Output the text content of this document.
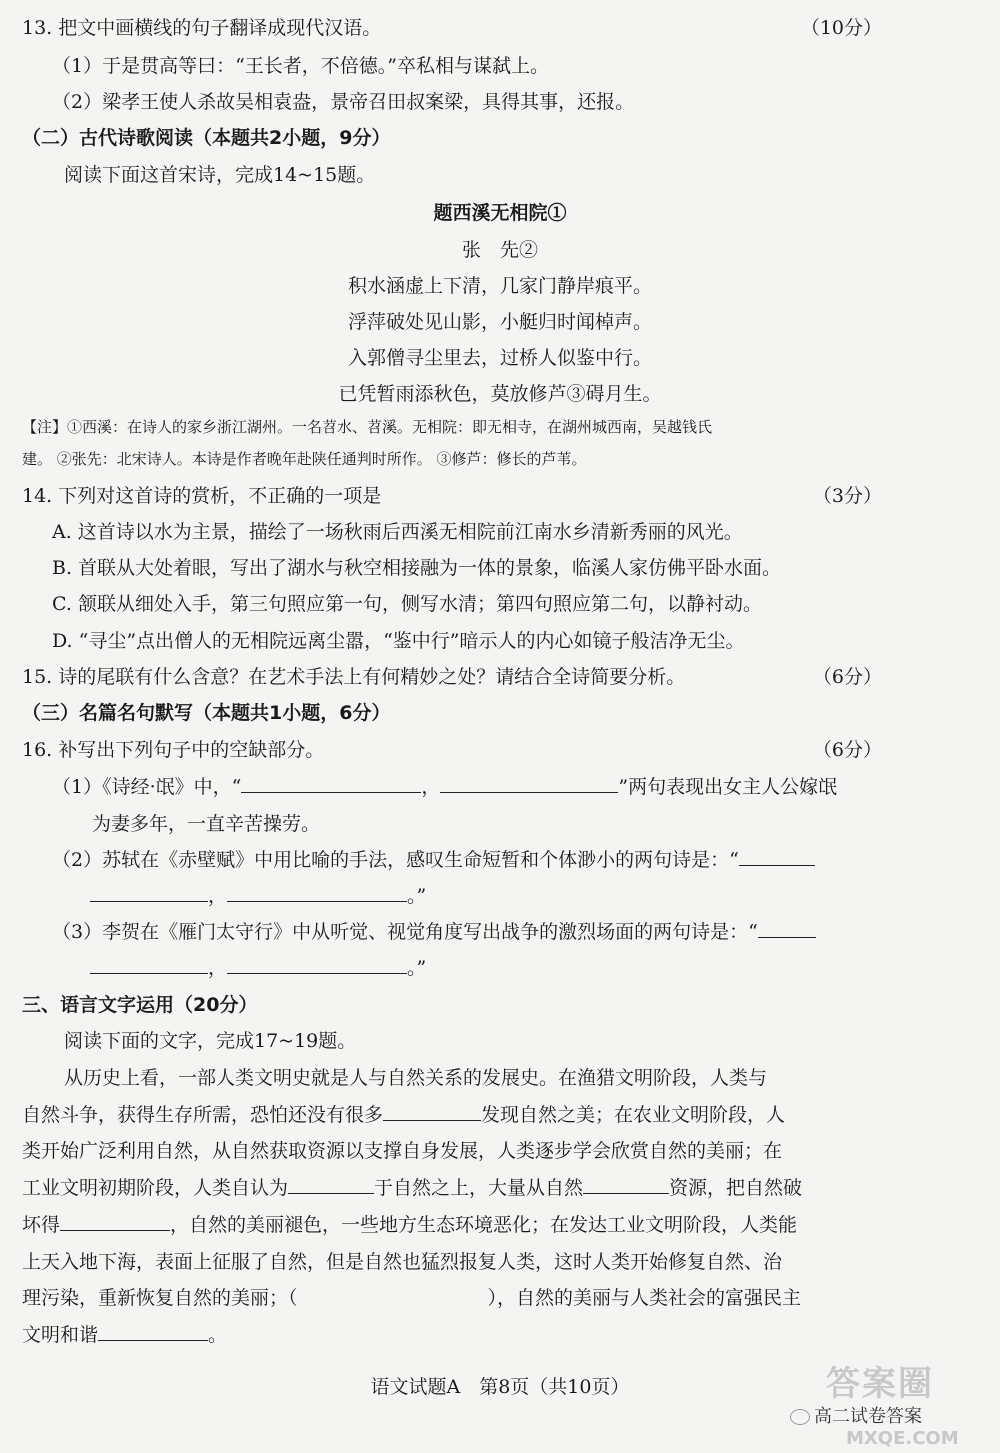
13. 把文中画横线的句子翻译成现代汉语。	（10分）
（1）于是贯高等曰：“王长者，不倍德。”卒私相与谋弑上。
（2）梁孝王使人杀故吴相袁盎，景帝召田叔案梁，具得其事，还报。
（二）古代诗歌阅读（本题共2小题，9分）
阅读下面这首宋诗，完成14~15题。
题西溪无相院①
张　先②
积水涵虚上下清，几家门静岸痕平。
浮萍破处见山影，小艇归时闻棹声。
入郭僧寻尘里去，过桥人似鉴中行。
已凭暂雨添秋色，莫放修芦③碍月生。
【注】①西溪：在诗人的家乡浙江湖州。一名苕水、苕溪。无相院：即无相寺，在湖州城西南，吴越钱氏
建。 ②张先：北宋诗人。本诗是作者晚年赴陕任通判时所作。 ③修芦：修长的芦苇。
14. 下列对这首诗的赏析，不正确的一项是	（3分）
A. 这首诗以水为主景，描绘了一场秋雨后西溪无相院前江南水乡清新秀丽的风光。
B. 首联从大处着眼，写出了湖水与秋空相接融为一体的景象，临溪人家仿佛平卧水面。
C. 颔联从细处入手，第三句照应第一句，侧写水清；第四句照应第二句，以静衬动。
D. “寻尘”点出僧人的无相院远离尘嚣，“鉴中行”暗示人的内心如镜子般洁净无尘。
15. 诗的尾联有什么含意？在艺术手法上有何精妙之处？请结合全诗简要分析。	（6分）
（三）名篇名句默写（本题共1小题，6分）
16. 补写出下列句子中的空缺部分。	（6分）
（1）《诗经·氓》中，“	，	”两句表现出女主人公嫁氓
为妻多年，一直辛苦操劳。
（2）苏轼在《赤壁赋》中用比喻的手法，感叹生命短暂和个体渺小的两句诗是：“
，	。”
（3）李贺在《雁门太守行》中从听觉、视觉角度写出战争的激烈场面的两句诗是：“
，	。”
三、语言文字运用（20分）
阅读下面的文字，完成17~19题。
从历史上看，一部人类文明史就是人与自然关系的发展史。在渔猎文明阶段，人类与
自然斗争，获得生存所需，恐怕还没有很多	发现自然之美；在农业文明阶段，人
类开始广泛利用自然，从自然获取资源以支撑自身发展，人类逐步学会欣赏自然的美丽；在
工业文明初期阶段，人类自认为	于自然之上，大量从自然	资源，把自然破
坏得	，自然的美丽褪色，一些地方生态环境恶化；在发达工业文明阶段，人类能
上天入地下海，表面上征服了自然，但是自然也猛烈报复人类，这时人类开始修复自然、治
理污染，重新恢复自然的美丽；（	），自然的美丽与人类社会的富强民主
文明和谐	。
语文试题A　第8页（共10页）	答案圈
高二试卷答案
MXQE.COM
